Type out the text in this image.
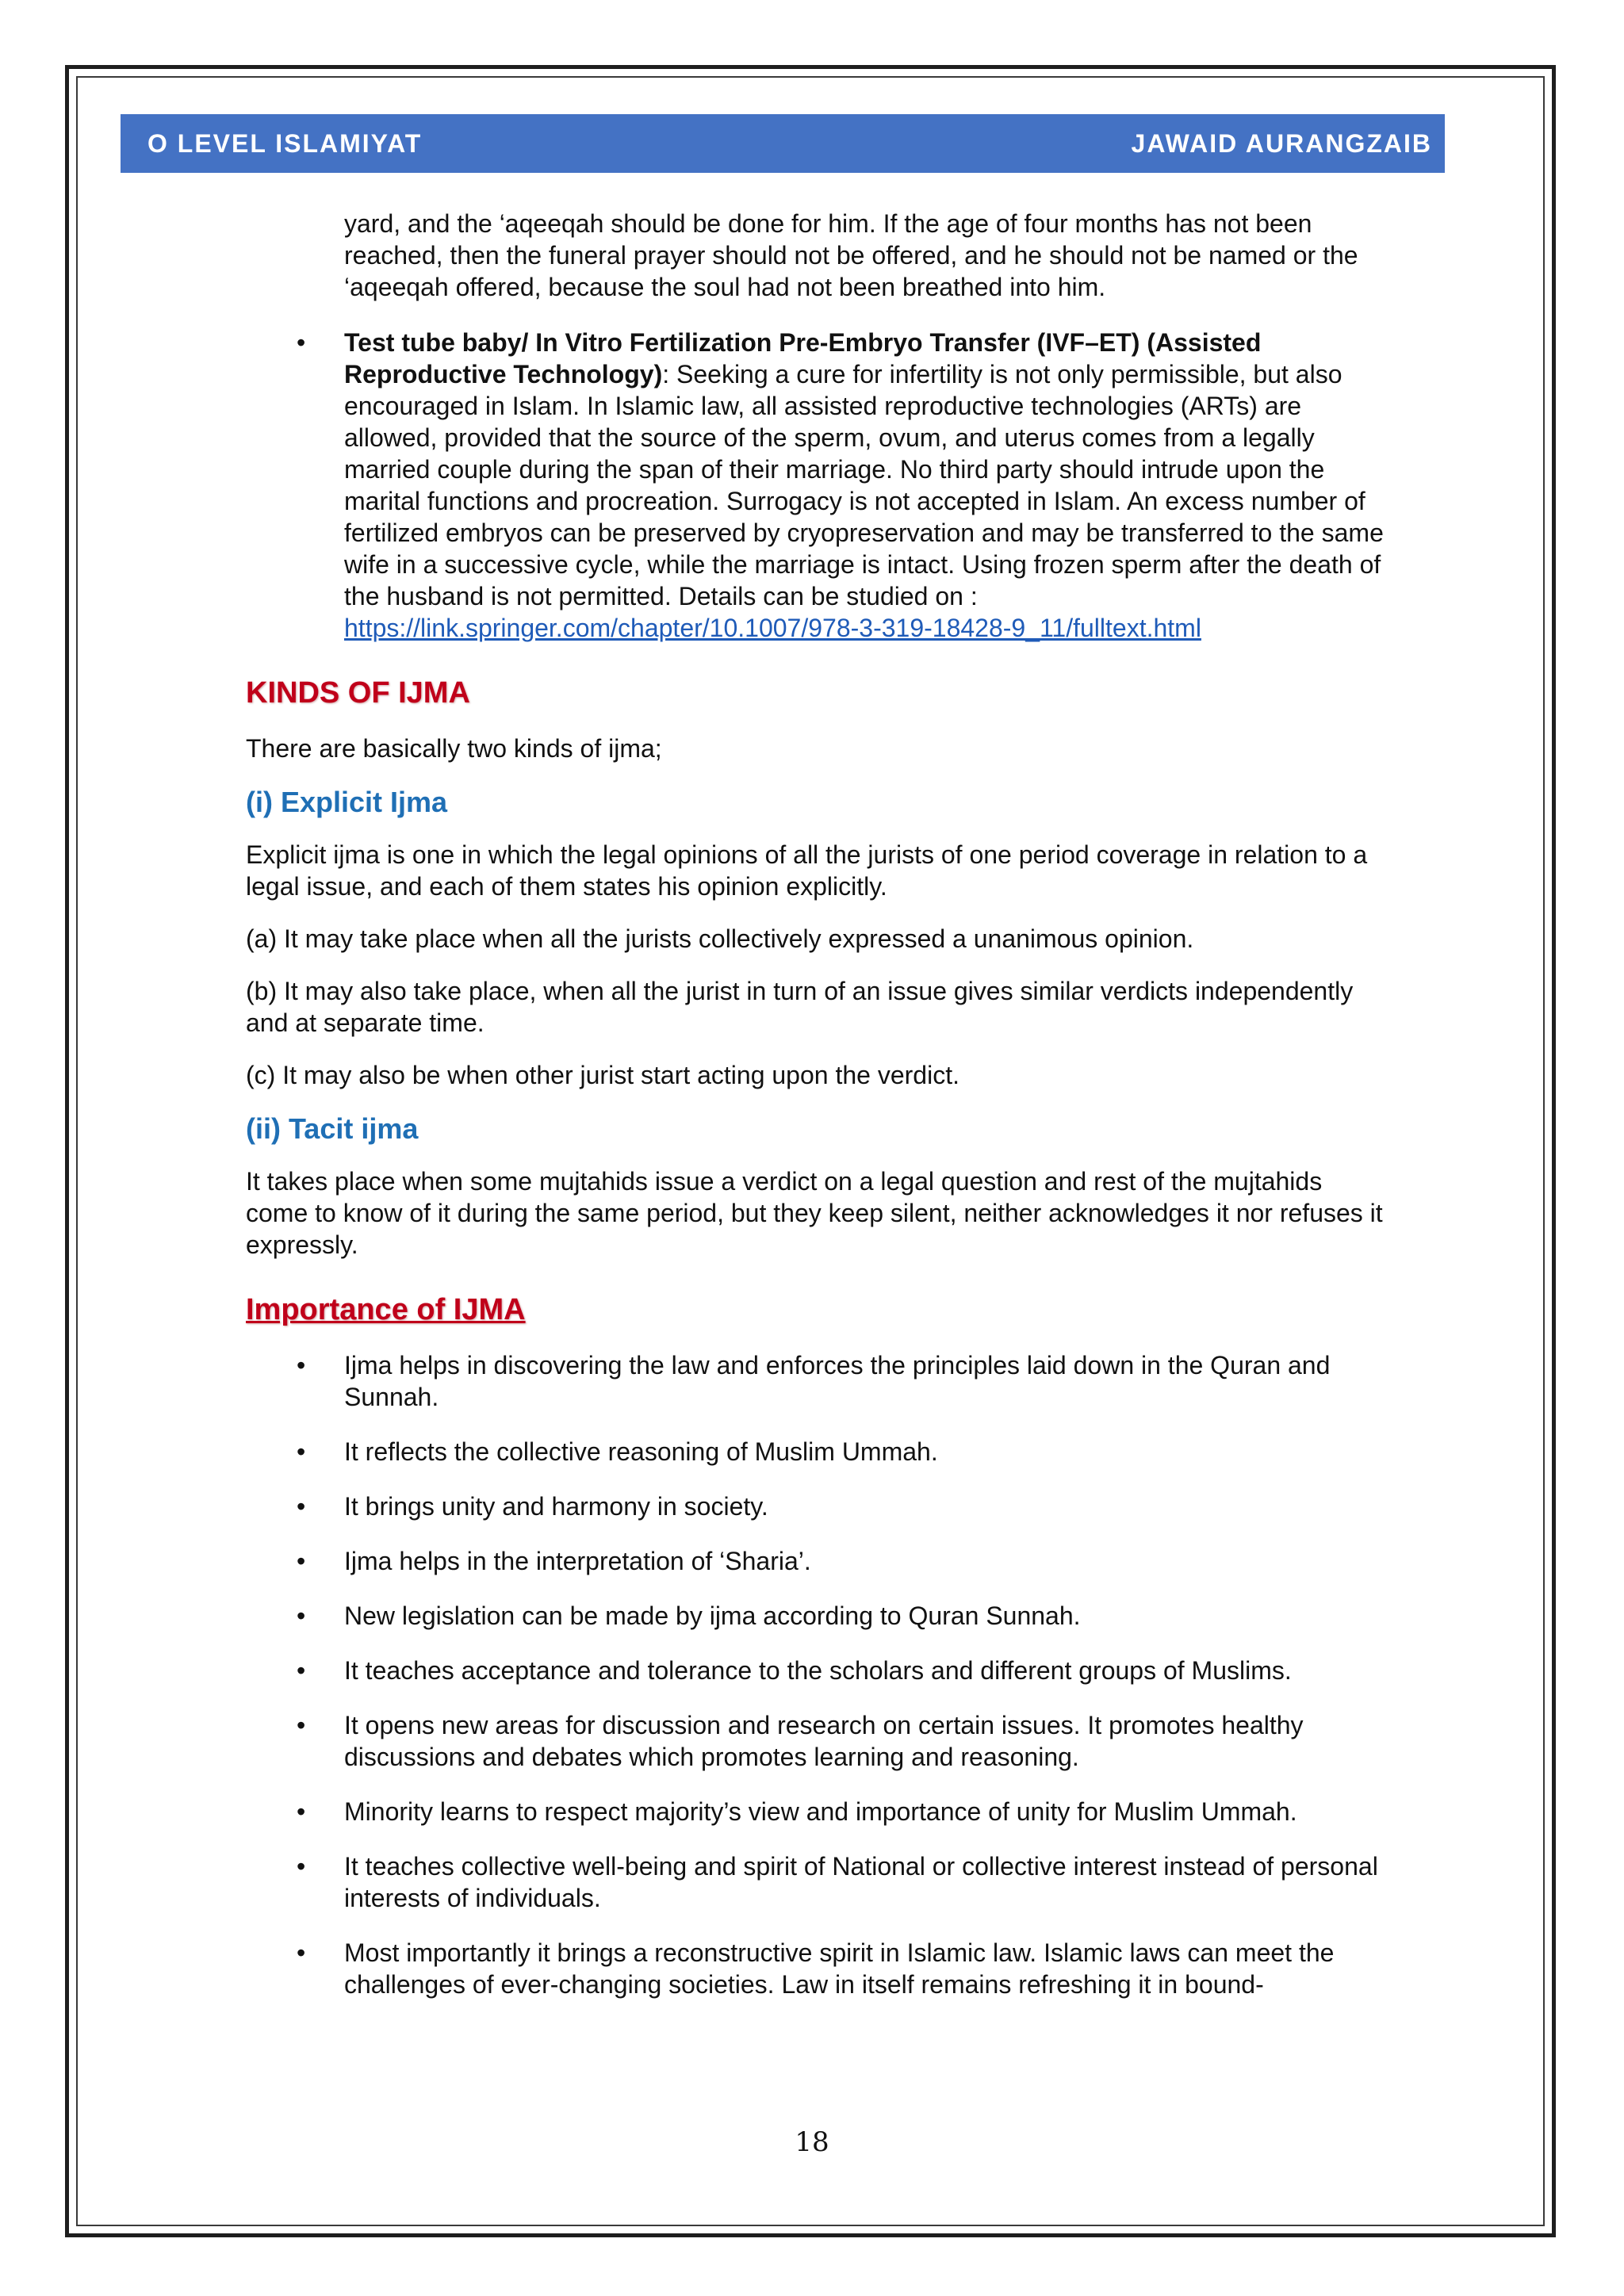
O LEVEL ISLAMIYAT	JAWAID AURANGZAIB

yard, and the ‘aqeeqah should be done for him. If the age of four months has not been reached, then the funeral prayer should not be offered, and he should not be named or the ‘aqeeqah offered, because the soul had not been breathed into him.

• Test tube baby/ In Vitro Fertilization Pre-Embryo Transfer (IVF–ET) (Assisted Reproductive Technology): Seeking a cure for infertility is not only permissible, but also encouraged in Islam. In Islamic law, all assisted reproductive technologies (ARTs) are allowed, provided that the source of the sperm, ovum, and uterus comes from a legally married couple during the span of their marriage. No third party should intrude upon the marital functions and procreation. Surrogacy is not accepted in Islam. An excess number of fertilized embryos can be preserved by cryopreservation and may be transferred to the same wife in a successive cycle, while the marriage is intact. Using frozen sperm after the death of the husband is not permitted. Details can be studied on : https://link.springer.com/chapter/10.1007/978-3-319-18428-9_11/fulltext.html
KINDS OF IJMA

There are basically two kinds of ijma;

(i) Explicit Ijma

Explicit ijma is one in which the legal opinions of all the jurists of one period coverage in relation to a legal issue, and each of them states his opinion explicitly.

(a) It may take place when all the jurists collectively expressed a unanimous opinion.

(b) It may also take place, when all the jurist in turn of an issue gives similar verdicts independently and at separate time.

(c) It may also be when other jurist start acting upon the verdict.

(ii) Tacit ijma

It takes place when some mujtahids issue a verdict on a legal question and rest of the mujtahids come to know of it during the same period, but they keep silent, neither acknowledges it nor refuses it expressly.

Importance of IJMA
• Ijma helps in discovering the law and enforces the principles laid down in the Quran and Sunnah.
• It reflects the collective reasoning of Muslim Ummah.
• It brings unity and harmony in society.
• Ijma helps in the interpretation of ‘Sharia’.
• New legislation can be made by ijma according to Quran Sunnah.
• It teaches acceptance and tolerance to the scholars and different groups of Muslims.
• It opens new areas for discussion and research on certain issues. It promotes healthy discussions and debates which promotes learning and reasoning.
• Minority learns to respect majority’s view and importance of unity for Muslim Ummah.
• It teaches collective well-being and spirit of National or collective interest instead of personal interests of individuals.
• Most importantly it brings a reconstructive spirit in Islamic law. Islamic laws can meet the challenges of ever-changing societies. Law in itself remains refreshing it in bound-
18
